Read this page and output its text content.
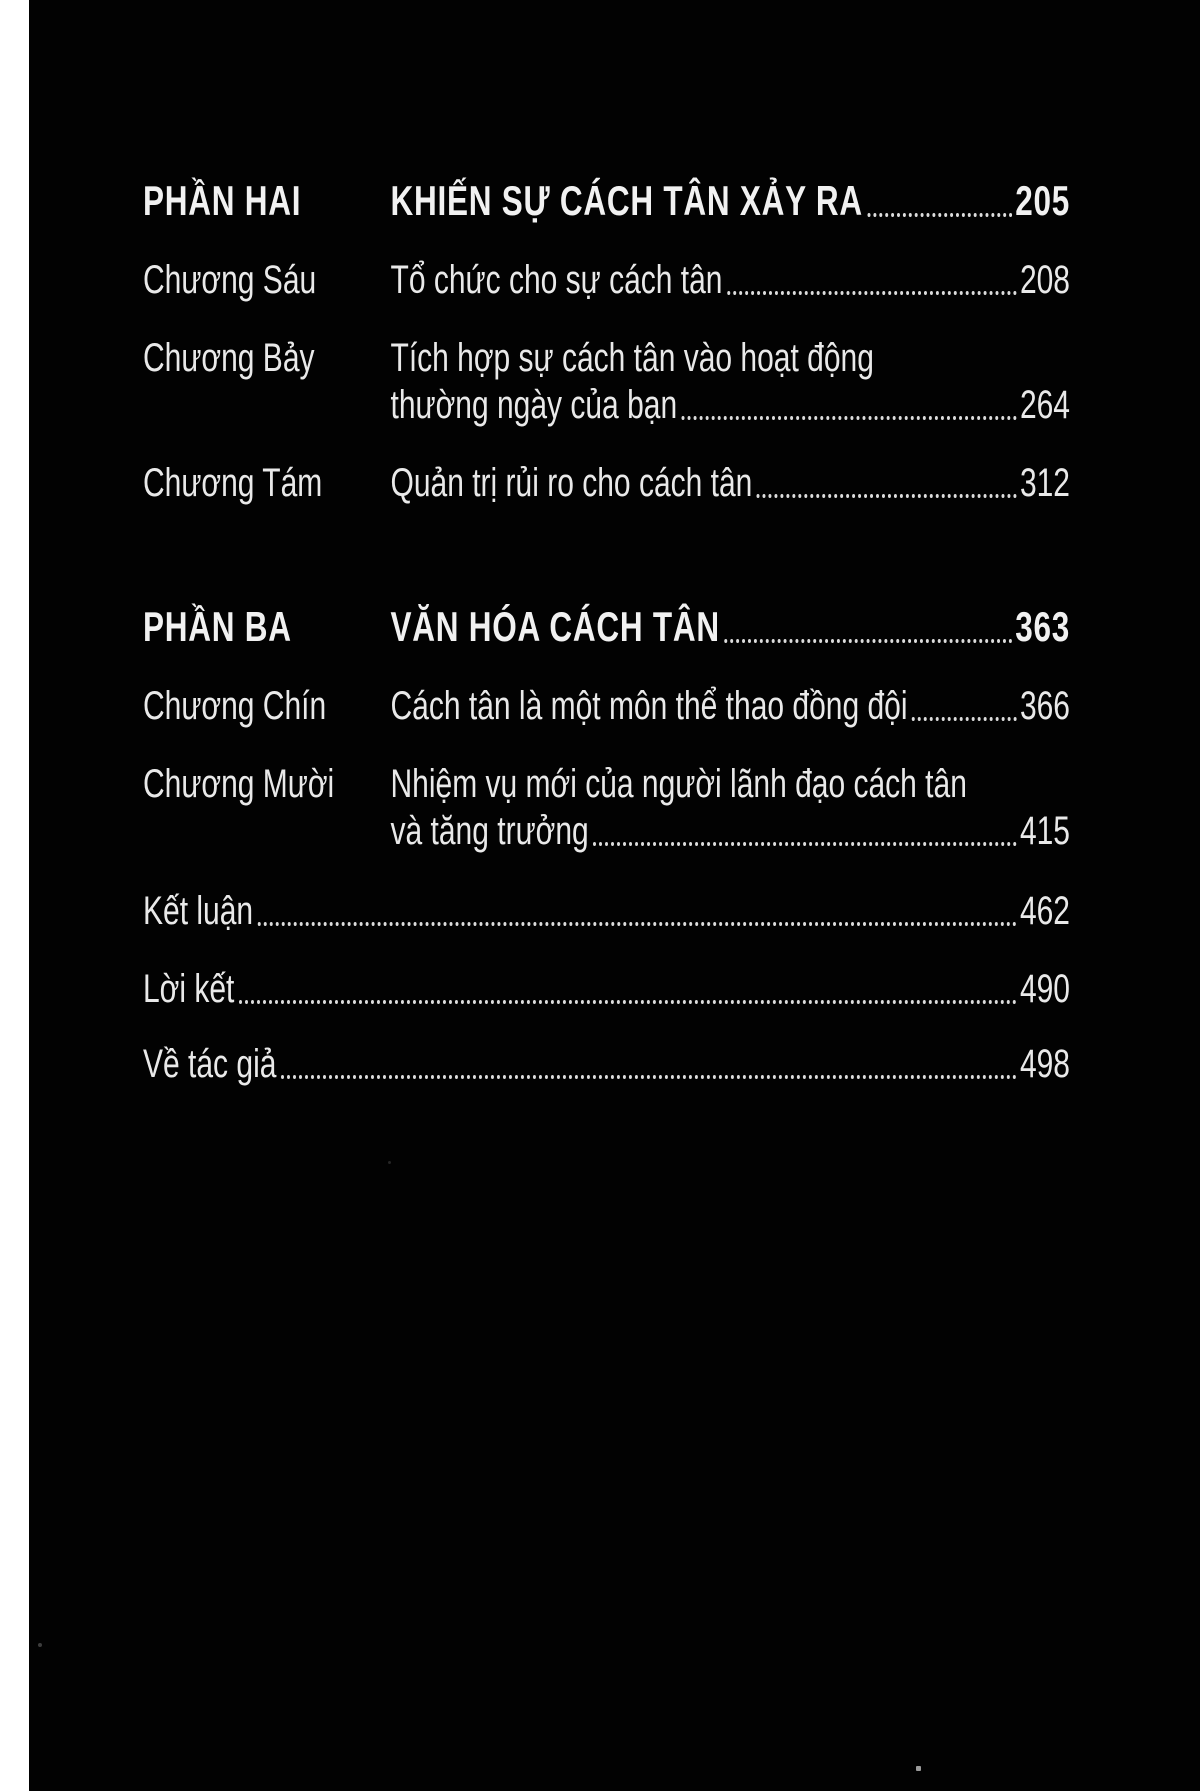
PHẦN HAI	KHIẾN SỰ CÁCH TÂN XẢY RA	205
Chương Sáu	Tổ chức cho sự cách tân	208
Chương Bảy	Tích hợp sự cách tân vào hoạt động
thường ngày của bạn	264
Chương Tám	Quản trị rủi ro cho cách tân	312
PHẦN BA	VĂN HÓA CÁCH TÂN	363
Chương Chín	Cách tân là một môn thể thao đồng đội	366
Chương Mười	Nhiệm vụ mới của người lãnh đạo cách tân
và tăng trưởng	415
Kết luận	462
Lời kết	490
Về tác giả	498
